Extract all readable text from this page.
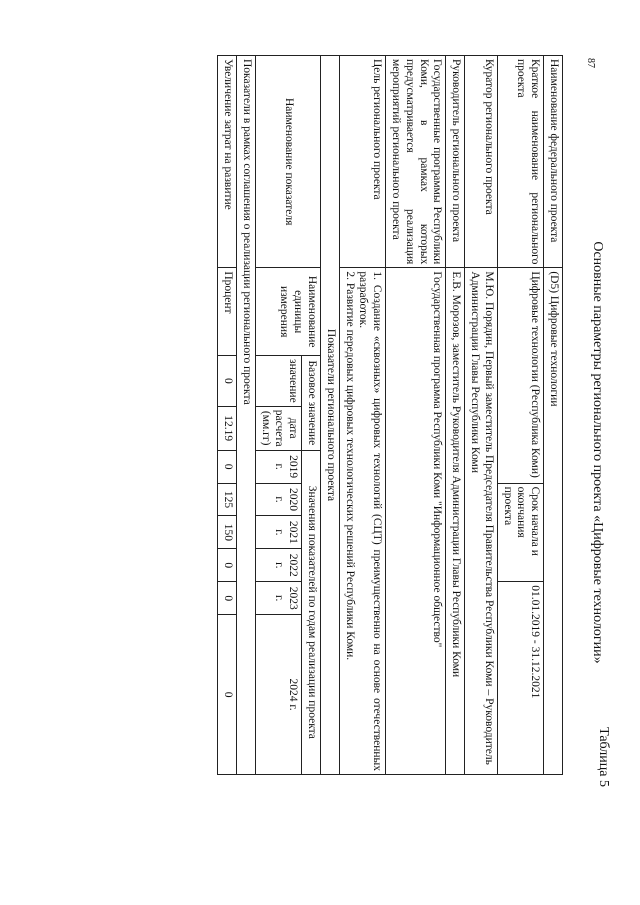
87
Таблица 5
Основные параметры регионального проекта «Цифровые технологии»
Наименование федерального проекта	(D5) Цифровые технологии								
Краткое наименование регионального проекта	Цифровые технологии (Республика Коми)				Срок начала и окончания проекта			01.01.2019 - 31.12.2021	
Куратор регионального проекта	М.Ю. Порядин, Первый заместитель Председателя Правительства Республики Коми – Руководитель Администрации Главы Республики Коми								
Руководитель регионального проекта	Е.В. Морозов, заместитель Руководителя Администрации Главы Республики Коми								
Государственные программы Республики Коми, в рамках которых предусматривается реализация мероприятий регионального проекта	Государственная программа Республики Коми "Информационное общество"								
Цель регионального проекта	1. Создание «сквозных» цифровых технологий (СЦТ) преимущественно на основе отечественных разработок.
2. Развитие передовых цифровых технологических решений Республики Коми.								

Показатели регионального проекта									
Наименование показателя	Наименование единицы измерения	Базовое значение		Значения показателей по годам реализации проекта					
		значение	дата расчета (мм.гг)	2019 г.	2020 г.	2021 г.	2022 г.	2023 г.	2024 г.
Показатели в рамках соглашения о реализации регионального проекта									
Увеличение затрат на развитие	Процент	0	12.19	0	125	150	0	0	0
